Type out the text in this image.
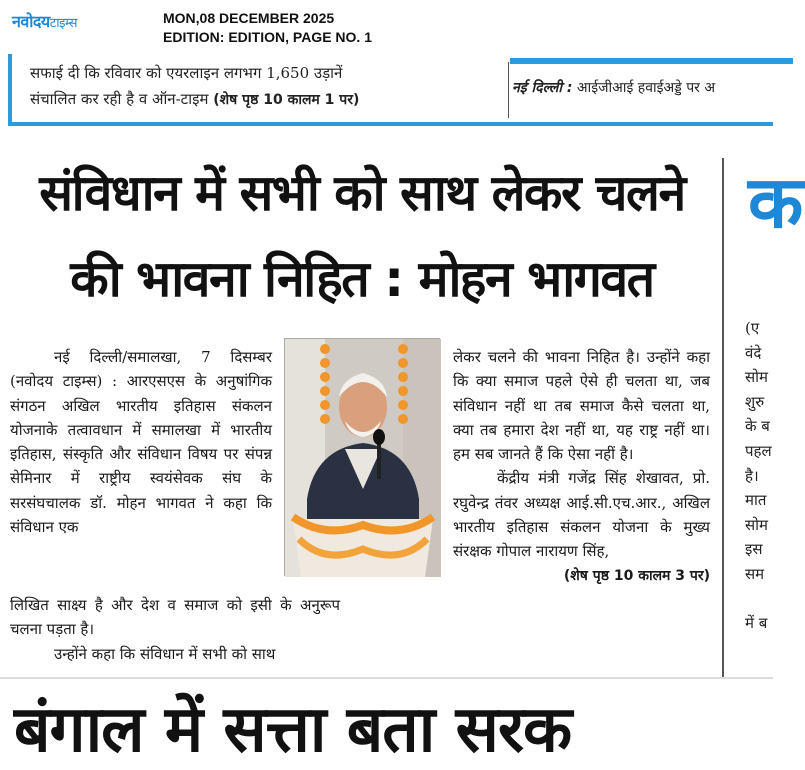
नवोदयटाइम्स	MON,08 DECEMBER 2025
EDITION: EDITION, PAGE NO. 1
सफाई दी कि रविवार को एयरलाइन लगभग 1,650 उड़ानें
संचालित कर रही है व ऑन-टाइम (शेष पृष्ठ 10 कालम 1 पर)
नई दिल्ली : आईजीआई हवाईअड्डे पर अ
संविधान में सभी को साथ लेकर चलने
की भावना निहित : मोहन भागवत
क
(ए
वंदे
सोम
शुरु
के ब
पहल
है।
मात
सोम
इस
सम

में ब

नई दिल्ली/समालखा, 7 दिसम्बर (नवोदय टाइम्स) : आरएसएस के अनुषांगिक संगठन अखिल भारतीय इतिहास संकलन योजनाके तत्वावधान में समालखा में भारतीय इतिहास, संस्कृति और संविधान विषय पर संपन्न सेमिनार में राष्ट्रीय स्वयंसेवक संघ के सरसंघचालक डॉ. मोहन भागवत ने कहा कि संविधान एक

लिखित साक्ष्य है और देश व समाज को इसी के अनुरूप चलना पड़ता है।

उन्होंने कहा कि संविधान में सभी को साथ

लेकर चलने की भावना निहित है। उन्होंने कहा कि क्या समाज पहले ऐसे ही चलता था, जब संविधान नहीं था तब समाज कैसे चलता था, क्या तब हमारा देश नहीं था, यह राष्ट्र नहीं था। हम सब जानते हैं कि ऐसा नहीं है।

केंद्रीय मंत्री गजेंद्र सिंह शेखावत, प्रो. रघुवेन्द्र तंवर अध्यक्ष आई.सी.एच.आर., अखिल भारतीय इतिहास संकलन योजना के मुख्य संरक्षक गोपाल नारायण सिंह,
(शेष पृष्ठ 10 कालम 3 पर)

बंगाल में सत्ता बता सरक
